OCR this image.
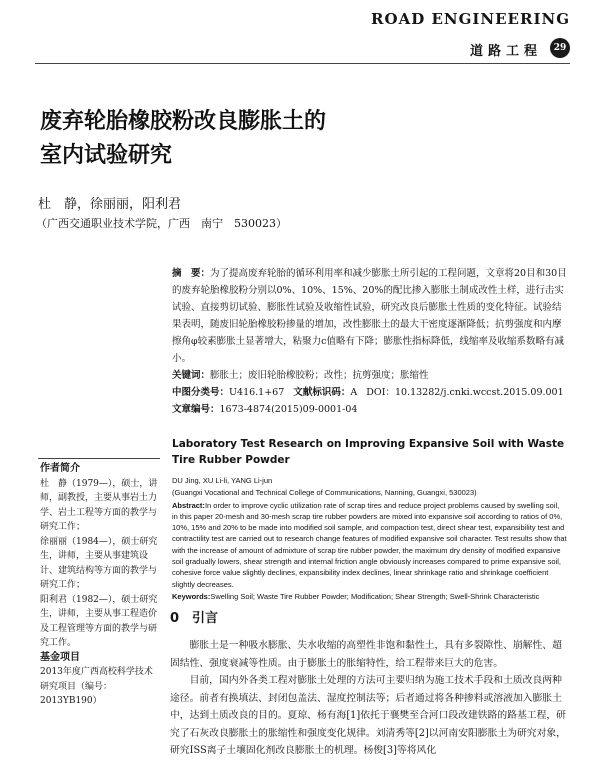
ROAD ENGINEERING
道路工程	29
废弃轮胎橡胶粉改良膨胀土的
室内试验研究
杜　静，徐丽丽，阳利君
（广西交通职业技术学院，广西　南宁　530023）

摘　要：为了提高废弃轮胎的循环利用率和减少膨胀土所引起的工程问题，文章将20目和30目的废弃轮胎橡胶粉分别以0%、10%、15%、20%的配比掺入膨胀土制成改性土样，进行击实试验、直接剪切试验、膨胀性试验及收缩性试验，研究改良后膨胀土性质的变化特征。试验结果表明，随废旧轮胎橡胶粉掺量的增加，改性膨胀土的最大干密度逐渐降低；抗剪强度和内摩擦角φ较素膨胀土显著增大，粘聚力c值略有下降；膨胀性指标降低，线缩率及收缩系数略有减小。

关键词：膨胀土；废旧轮胎橡胶粉；改性；抗剪强度；胀缩性

中图分类号：U416.1+67 文献标识码：A DOI：10.13282/j.cnki.wccst.2015.09.001

文章编号：1673-4874(2015)09-0001-04

Laboratory Test Research on Improving Expansive Soil with Waste Tire Rubber Powder

DU Jing, XU Li-li, YANG Li-jun

(Guangxi Vocational and Technical College of Communications, Nanning, Guangxi, 530023)

Abstract:In order to improve cyclic utilization rate of scrap tires and reduce project problems caused by swelling soil, in this paper 20-mesh and 30-mesh scrap tire rubber powders are mixed into expansive soil according to ratios of 0%, 10%, 15% and 20% to be made into modified soil sample, and compaction test, direct shear test, expansibility test and contractility test are carried out to research change features of modified expansive soil character. Test results show that with the increase of amount of admixture of scrap tire rubber powder, the maximum dry density of modified expansive soil gradually lowers, shear strength and internal friction angle obviously increases compared to prime expansive soil, cohesive force value slightly declines, expansibility index declines, linear shrinkage ratio and shrinkage coefficient slightly decreases.

Keywords:Swelling Soil; Waste Tire Rubber Powder; Modification; Shear Strength; Swell-Shrink Characteristic

作者简介

杜　静（1979—），硕士，讲师，副教授，主要从事岩土力学、岩土工程等方面的教学与研究工作；

徐丽丽（1984—），硕士研究生，讲师，主要从事建筑设计、建筑结构等方面的教学与研究工作；

阳利君（1982—），硕士研究生，讲师，主要从事工程造价及工程管理等方面的教学与研究工作。

基金项目

2013年度广西高校科学技术研究项目（编号：2013YB190）

0　引言

膨胀土是一种吸水膨胀、失水收缩的高塑性非饱和黏性土，具有多裂隙性、崩解性、超固结性、强度衰减等性质。由于膨胀土的胀缩特性，给工程带来巨大的危害。

目前，国内外各类工程对膨胀土处理的方法可主要归纳为施工技术手段和土质改良两种途径。前者有换填法、封闭包盖法、湿度控制法等；后者通过将各种掺料或溶液加入膨胀土中，达到土质改良的目的。夏琼、杨有海[1]依托于襄樊至合河口段改建铁路的路基工程，研究了石灰改良膨胀土的胀缩性和强度变化规律。刘清秀等[2]以河南安阳膨胀土为研究对象，研究ISS离子土壤固化剂改良膨胀土的机理。杨俊[3]等将风化
